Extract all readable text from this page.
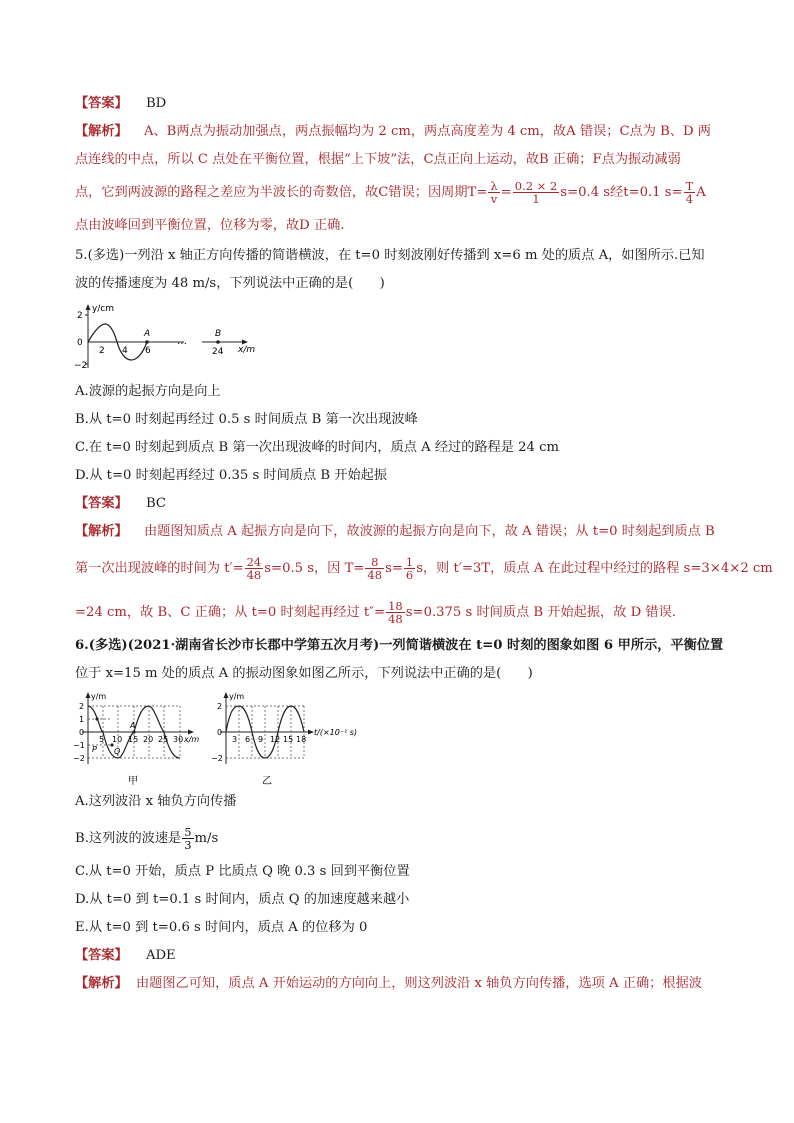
【答案】 BD
【解析】 A、B两点为振动加强点，两点振幅均为 2 cm，两点高度差为 4 cm，故A 错误；C点为 B、D 两
点连线的中点，所以 C 点处在平衡位置，根据“上下坡”法，C点正向上运动，故B 正确；F点为振动减弱
点，它到两波源的路程之差应为半波长的奇数倍，故C错误；因周期$T= \frac{\lambda}{v} = \frac{0.2 \times 2}{1} s=0.4$ s经t=0.1 $s= \frac{T}{4}$ A
点由波峰回到平衡位置，位移为零，故D 正确.
5.(多选)一列沿 x 轴正方向传播的简谐横波，在 t=0 时刻波刚好传播到 x=6 m 处的质点 A，如图所示.已知
波的传播速度为 48 m/s，下列说法中正确的是(　　)
y/cm
2
0
−2
2 4 6	24
A	B
…
x/m
A.波源的起振方向是向上
B.从 t=0 时刻起再经过 0.5 s 时间质点 B 第一次出现波峰
C.在 t=0 时刻起到质点 B 第一次出现波峰的时间内，质点 A 经过的路程是 24 cm
D.从 t=0 时刻起再经过 0.35 s 时间质点 B 开始起振
【答案】 BC
【解析】 由题图知质点 A 起振方向是向下，故波源的起振方向是向下，故 A 错误；从 t=0 时刻起到质点 B
第一次出现波峰的时间为 $t'= \frac{24}{48} s=0.5$ s，因 $T= \frac{8}{48} s= \frac{1}{6}$ s，则 t′=3T，质点 A 在此过程中经过的路程 s=3×4×2 cm
=24 cm，故 B、C 正确；从 t=0 时刻起再经过 $t''= \frac{18}{48} s=0.375$ s 时间质点 B 开始起振，故 D 错误.
6.(多选)(2021·湖南省长沙市长郡中学第五次月考)一列简谐横波在 t=0 时刻的图象如图 6 甲所示，平衡位置
位于 x=15 m 处的质点 A 的振动图象如图乙所示，下列说法中正确的是(　　)
y/m
2
1
0
−1
−2
5 10 15 20 25 30 x/m
P Q
A
甲
y/m
2
0
−2
3 6 9 12 15 18
t/(×10⁻¹ s)
乙
A.这列波沿 x 轴负方向传播
B.这列波的波速是 $\frac{5}{3} m/s$
C.从 t=0 开始，质点 P 比质点 Q 晚 0.3 s 回到平衡位置
D.从 t=0 到 t=0.1 s 时间内，质点 Q 的加速度越来越小
E.从 t=0 到 t=0.6 s 时间内，质点 A 的位移为 0
【答案】 ADE
【解析】 由题图乙可知，质点 A 开始运动的方向向上，则这列波沿 x 轴负方向传播，选项 A 正确；根据波
